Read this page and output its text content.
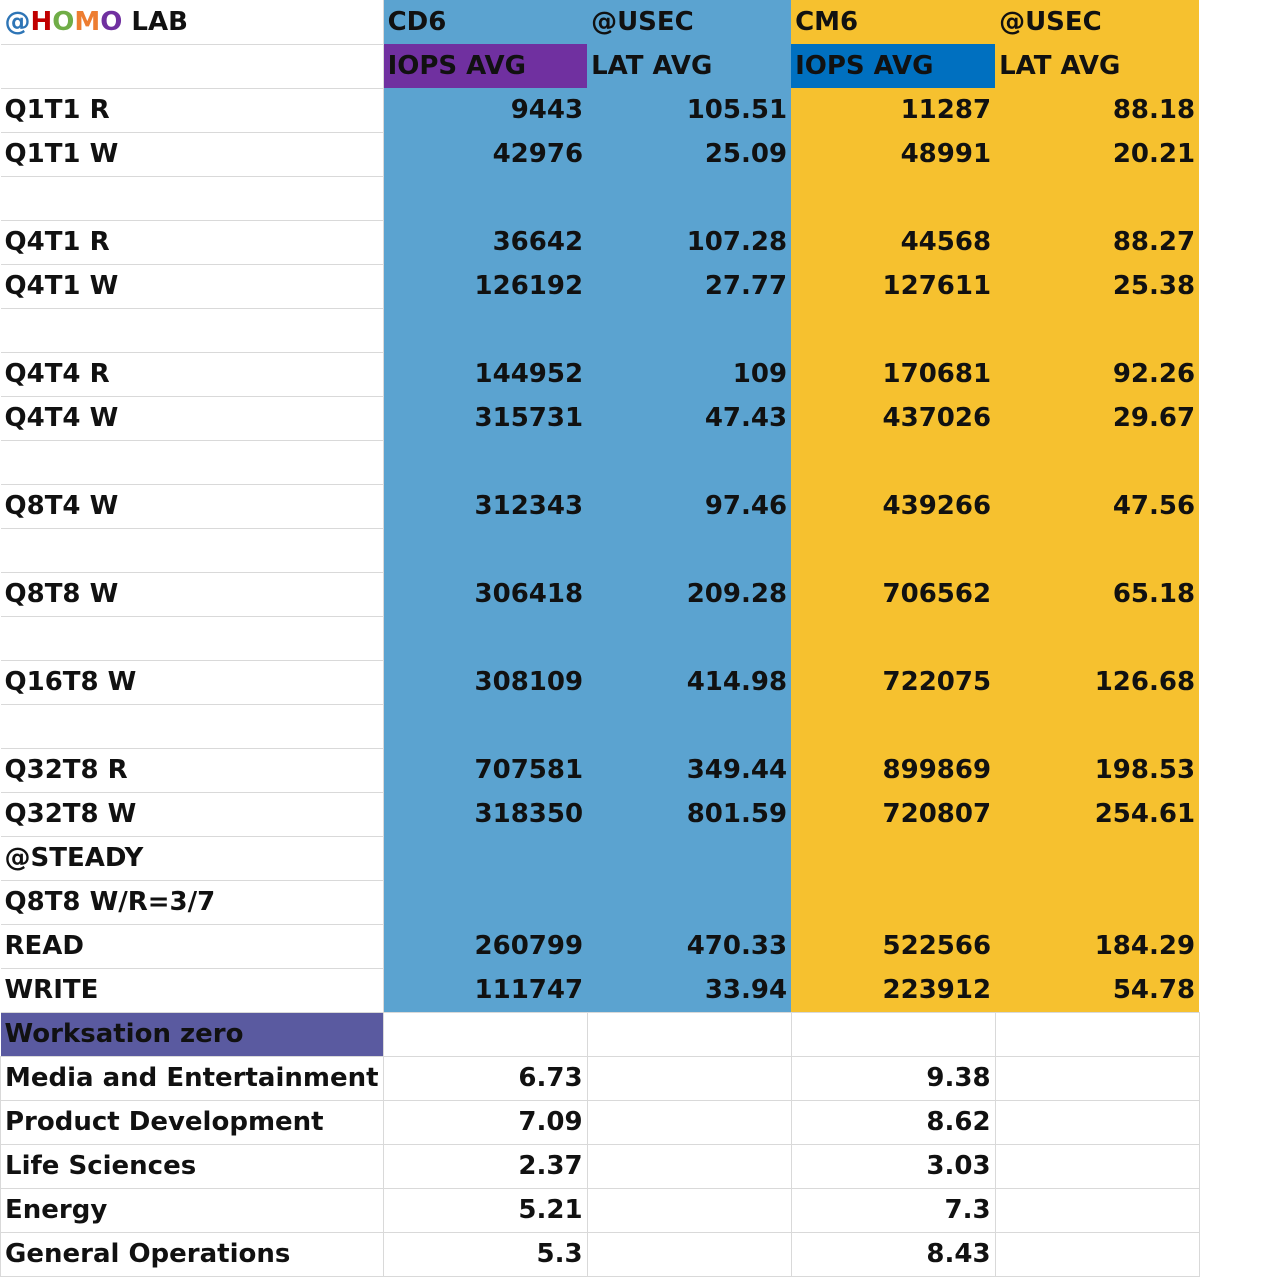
@HOMO LAB	CD6	@USEC	CM6	@USEC
	IOPS AVG	LAT AVG	IOPS AVG	LAT AVG
Q1T1 R	9443	105.51	11287	88.18
Q1T1 W	42976	25.09	48991	20.21

Q4T1 R	36642	107.28	44568	88.27
Q4T1 W	126192	27.77	127611	25.38

Q4T4 R	144952	109	170681	92.26
Q4T4 W	315731	47.43	437026	29.67

Q8T4 W	312343	97.46	439266	47.56

Q8T8 W	306418	209.28	706562	65.18

Q16T8 W	308109	414.98	722075	126.68

Q32T8 R	707581	349.44	899869	198.53
Q32T8 W	318350	801.59	720807	254.61
@STEADY				
Q8T8 W/R=3/7				
READ	260799	470.33	522566	184.29
WRITE	111747	33.94	223912	54.78
Worksation zero				
Media and Entertainment	6.73		9.38	
Product Development	7.09		8.62	
Life Sciences	2.37		3.03	
Energy	5.21		7.3	
General Operations	5.3		8.43	
